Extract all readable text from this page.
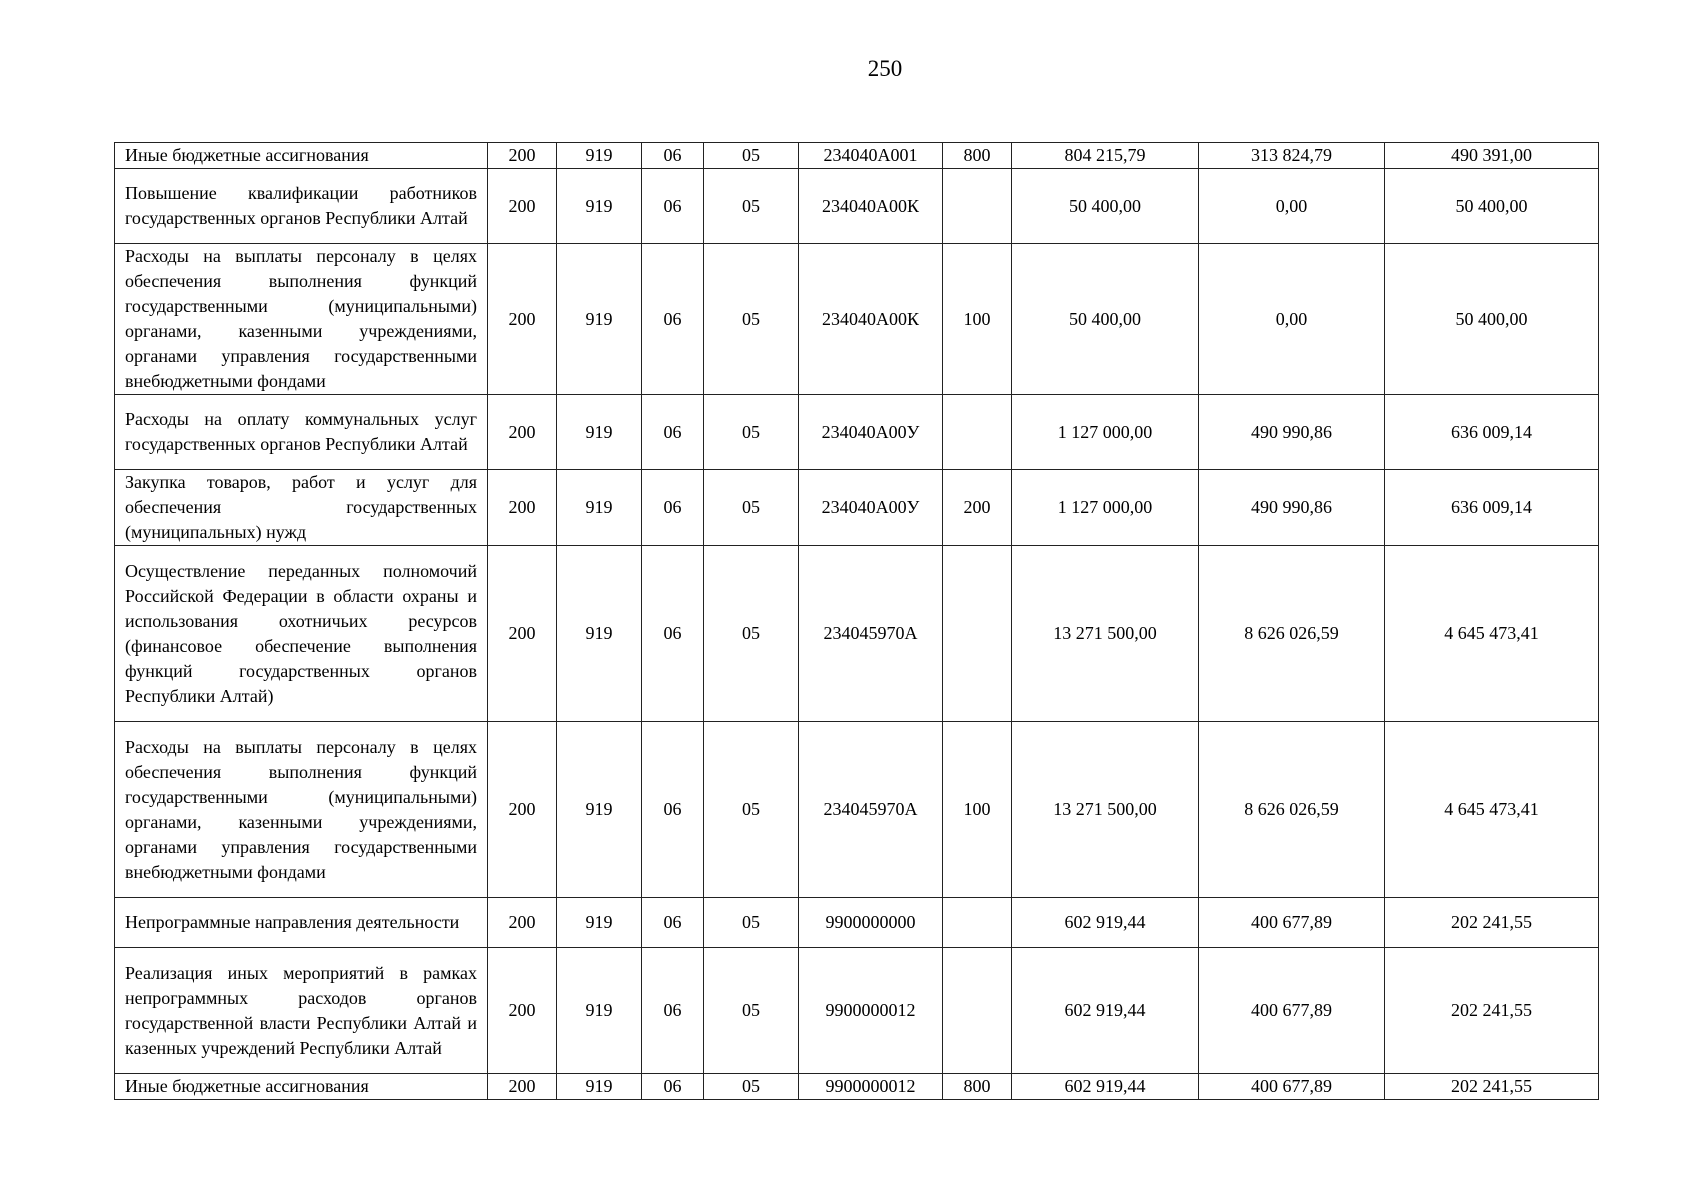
250
Иные бюджетные ассигнования	200	919	06	05	234040А001	800	804 215,79	313 824,79	490 391,00
Повышение квалификации работников государственных органов Республики Алтай	200	919	06	05	234040А00К		50 400,00	0,00	50 400,00
Расходы на выплаты персоналу в целях обеспечения выполнения функций государственными (муниципальными) органами, казенными учреждениями, органами управления государственными внебюджетными фондами	200	919	06	05	234040А00К	100	50 400,00	0,00	50 400,00
Расходы на оплату коммунальных услуг государственных органов Республики Алтай	200	919	06	05	234040А00У		1 127 000,00	490 990,86	636 009,14
Закупка товаров, работ и услуг для обеспечения государственных (муниципальных) нужд	200	919	06	05	234040А00У	200	1 127 000,00	490 990,86	636 009,14
Осуществление переданных полномочий Российской Федерации в области охраны и использования охотничьих ресурсов (финансовое обеспечение выполнения функций государственных органов Республики Алтай)	200	919	06	05	234045970А		13 271 500,00	8 626 026,59	4 645 473,41
Расходы на выплаты персоналу в целях обеспечения выполнения функций государственными (муниципальными) органами, казенными учреждениями, органами управления государственными внебюджетными фондами	200	919	06	05	234045970А	100	13 271 500,00	8 626 026,59	4 645 473,41
Непрограммные направления деятельности	200	919	06	05	9900000000		602 919,44	400 677,89	202 241,55
Реализация иных мероприятий в рамках непрограммных расходов органов государственной власти Республики Алтай и казенных учреждений Республики Алтай	200	919	06	05	9900000012		602 919,44	400 677,89	202 241,55
Иные бюджетные ассигнования	200	919	06	05	9900000012	800	602 919,44	400 677,89	202 241,55
